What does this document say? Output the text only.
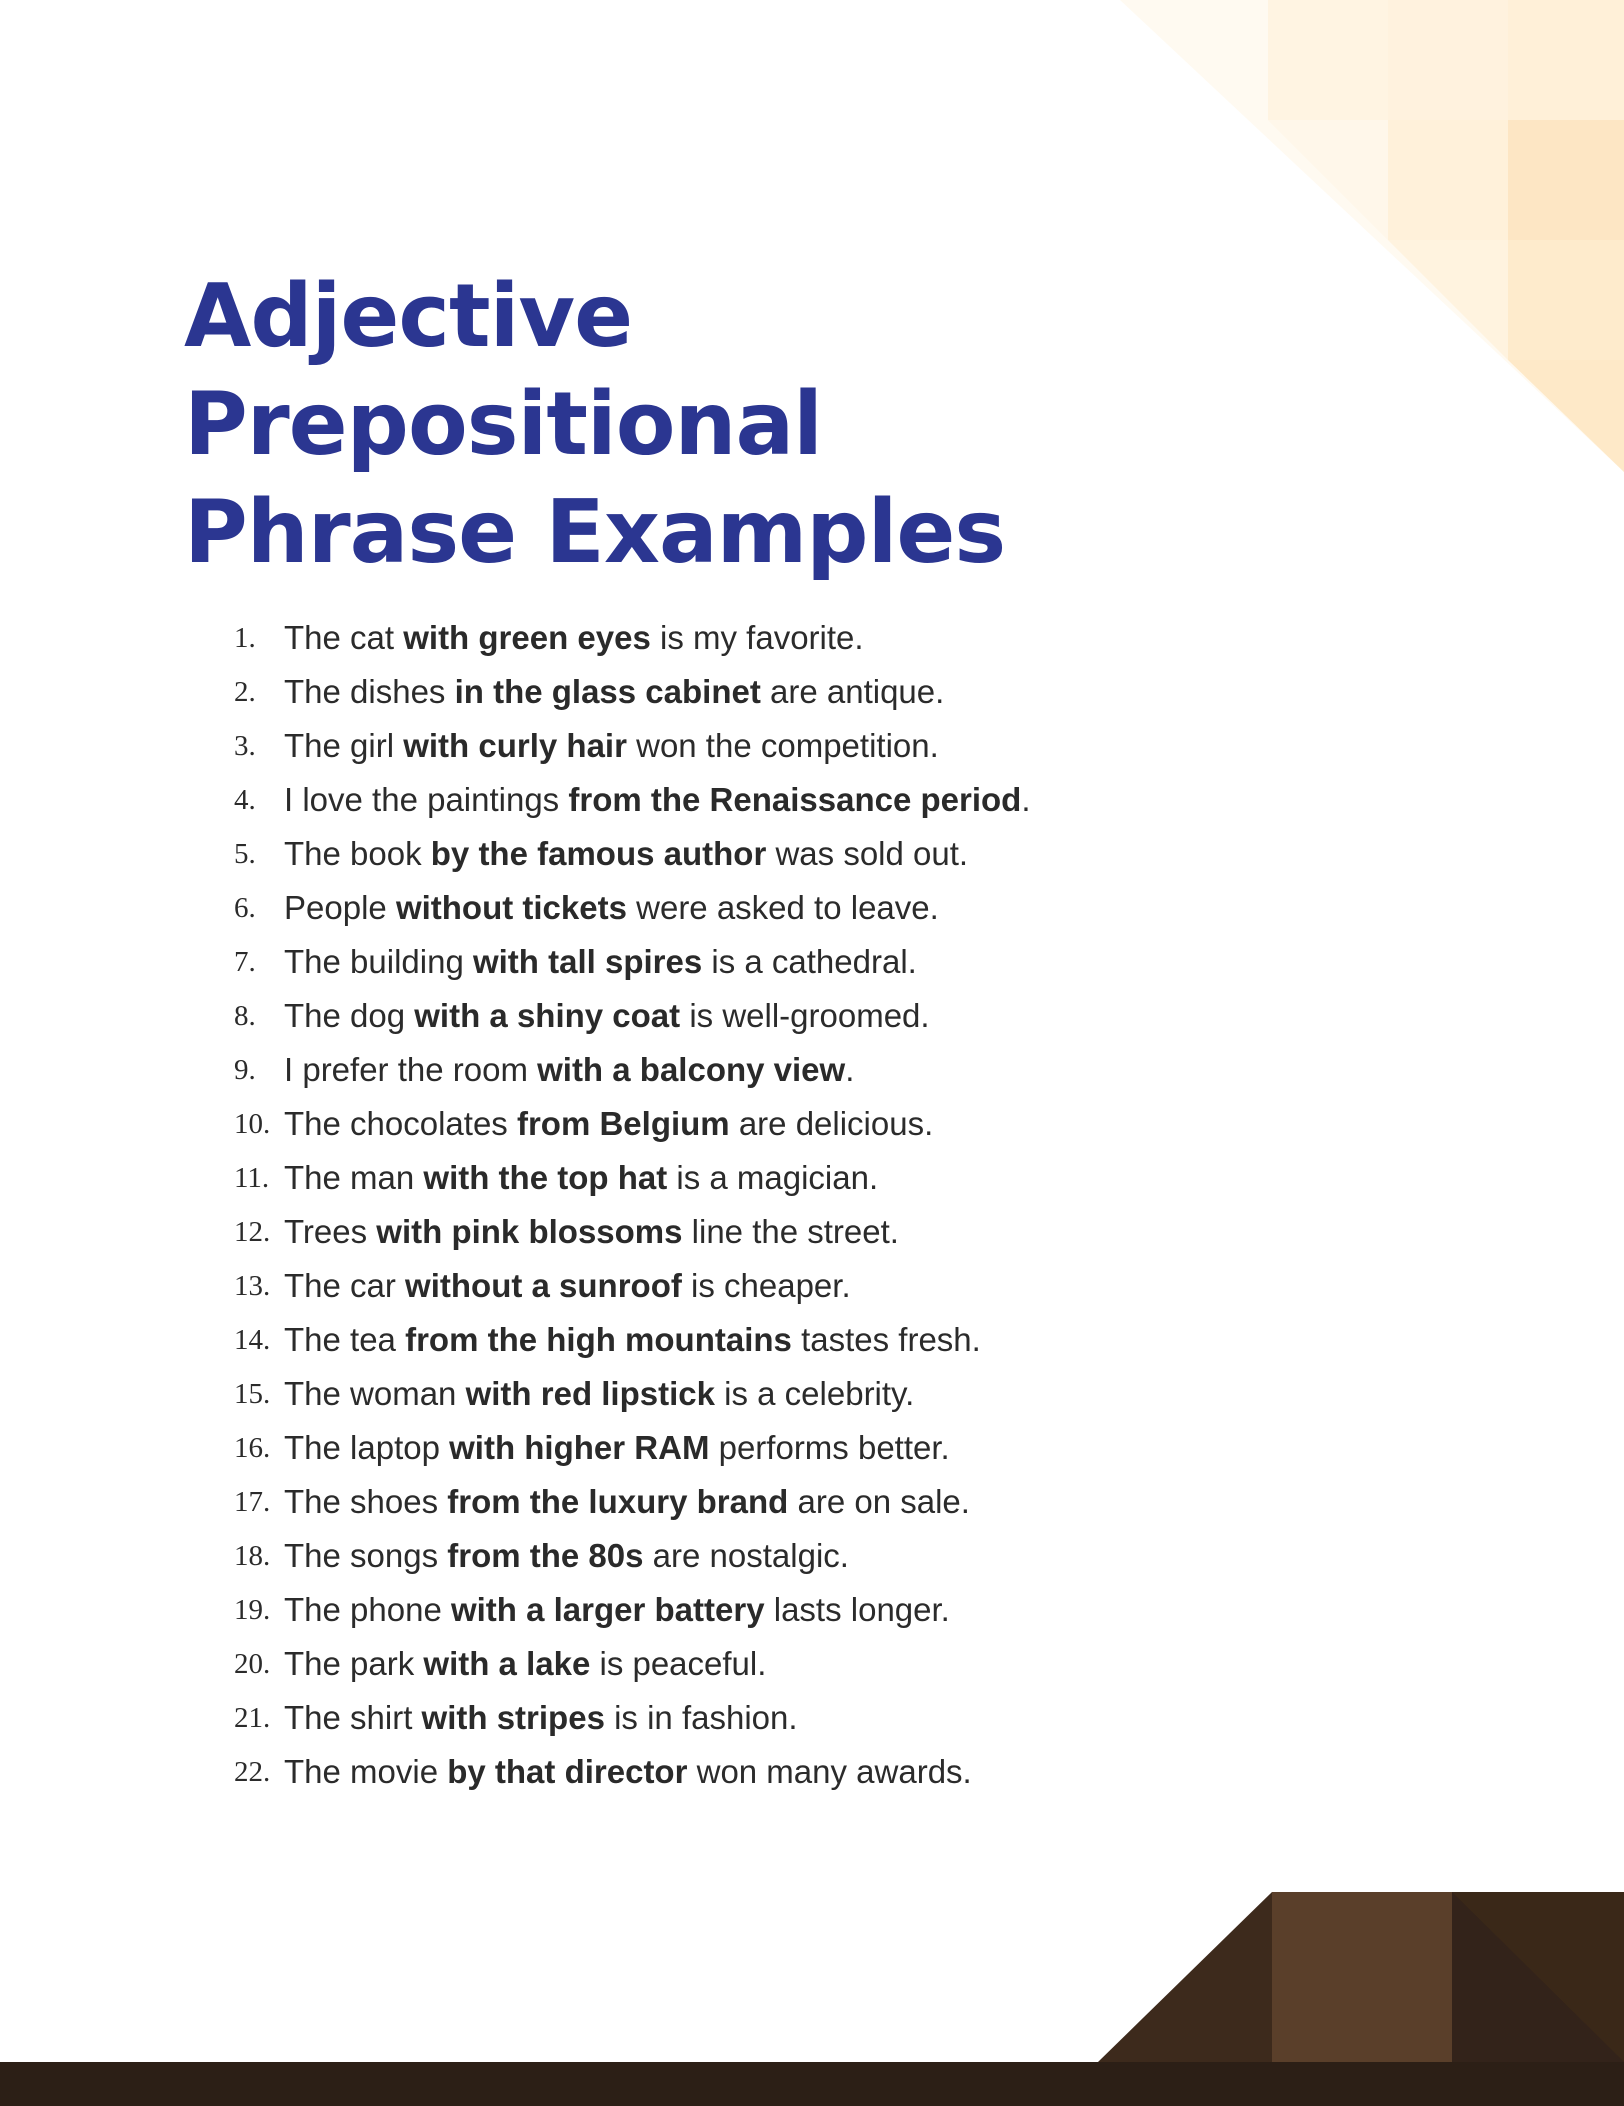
Adjective
Prepositional
Phrase Examples
1. The cat with green eyes is my favorite.
2. The dishes in the glass cabinet are antique.
3. The girl with curly hair won the competition.
4. I love the paintings from the Renaissance period .
5. The book by the famous author was sold out.
6. People without tickets were asked to leave.
7. The building with tall spires is a cathedral.
8. The dog with a shiny coat is well-groomed.
9. I prefer the room with a balcony view .
10. The chocolates from Belgium are delicious.
11. The man with the top hat is a magician.
12. Trees with pink blossoms line the street.
13. The car without a sunroof is cheaper.
14. The tea from the high mountains tastes fresh.
15. The woman with red lipstick is a celebrity.
16. The laptop with higher RAM performs better.
17. The shoes from the luxury brand are on sale.
18. The songs from the 80s are nostalgic.
19. The phone with a larger battery lasts longer.
20. The park with a lake is peaceful.
21. The shirt with stripes is in fashion.
22. The movie by that director won many awards.
